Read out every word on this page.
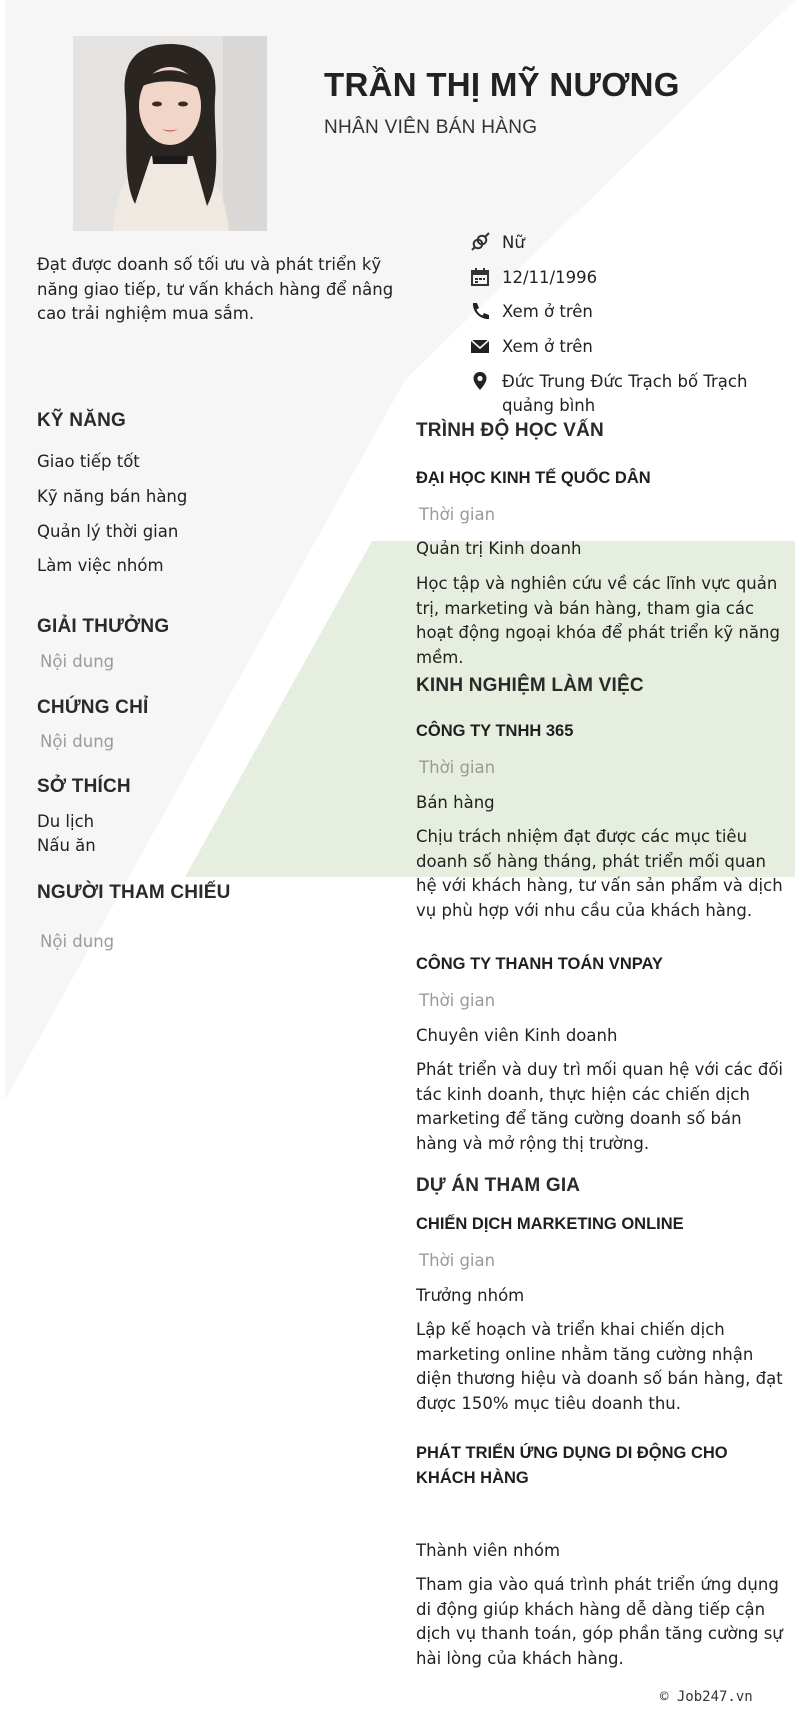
TRẦN THỊ MỸ NƯƠNG
NHÂN VIÊN BÁN HÀNG
Đạt được doanh số tối ưu và phát triển kỹ năng giao tiếp, tư vấn khách hàng để nâng cao trải nghiệm mua sắm.
Nữ
12/11/1996
Xem ở trên
Xem ở trên
Đức Trung Đức Trạch bố Trạch quảng bình
KỸ NĂNG
Giao tiếp tốt
Kỹ năng bán hàng
Quản lý thời gian
Làm việc nhóm
GIẢI THƯỞNG
Nội dung
CHỨNG CHỈ
Nội dung
SỞ THÍCH
Du lịch
Nấu ăn
NGƯỜI THAM CHIẾU
Nội dung
TRÌNH ĐỘ HỌC VẤN
ĐẠI HỌC KINH TẾ QUỐC DÂN
Thời gian
Quản trị Kinh doanh
Học tập và nghiên cứu về các lĩnh vực quản trị, marketing và bán hàng, tham gia các hoạt động ngoại khóa để phát triển kỹ năng mềm.
KINH NGHIỆM LÀM VIỆC
CÔNG TY TNHH 365
Thời gian
Bán hàng
Chịu trách nhiệm đạt được các mục tiêu doanh số hàng tháng, phát triển mối quan hệ với khách hàng, tư vấn sản phẩm và dịch vụ phù hợp với nhu cầu của khách hàng.
CÔNG TY THANH TOÁN VNPAY
Thời gian
Chuyên viên Kinh doanh
Phát triển và duy trì mối quan hệ với các đối tác kinh doanh, thực hiện các chiến dịch marketing để tăng cường doanh số bán hàng và mở rộng thị trường.
DỰ ÁN THAM GIA
CHIẾN DỊCH MARKETING ONLINE
Thời gian
Trưởng nhóm
Lập kế hoạch và triển khai chiến dịch marketing online nhằm tăng cường nhận diện thương hiệu và doanh số bán hàng, đạt được 150% mục tiêu doanh thu.
PHÁT TRIỂN ỨNG DỤNG DI ĐỘNG CHO KHÁCH HÀNG
Thành viên nhóm
Tham gia vào quá trình phát triển ứng dụng di động giúp khách hàng dễ dàng tiếp cận dịch vụ thanh toán, góp phần tăng cường sự hài lòng của khách hàng.
© Job247.vn
